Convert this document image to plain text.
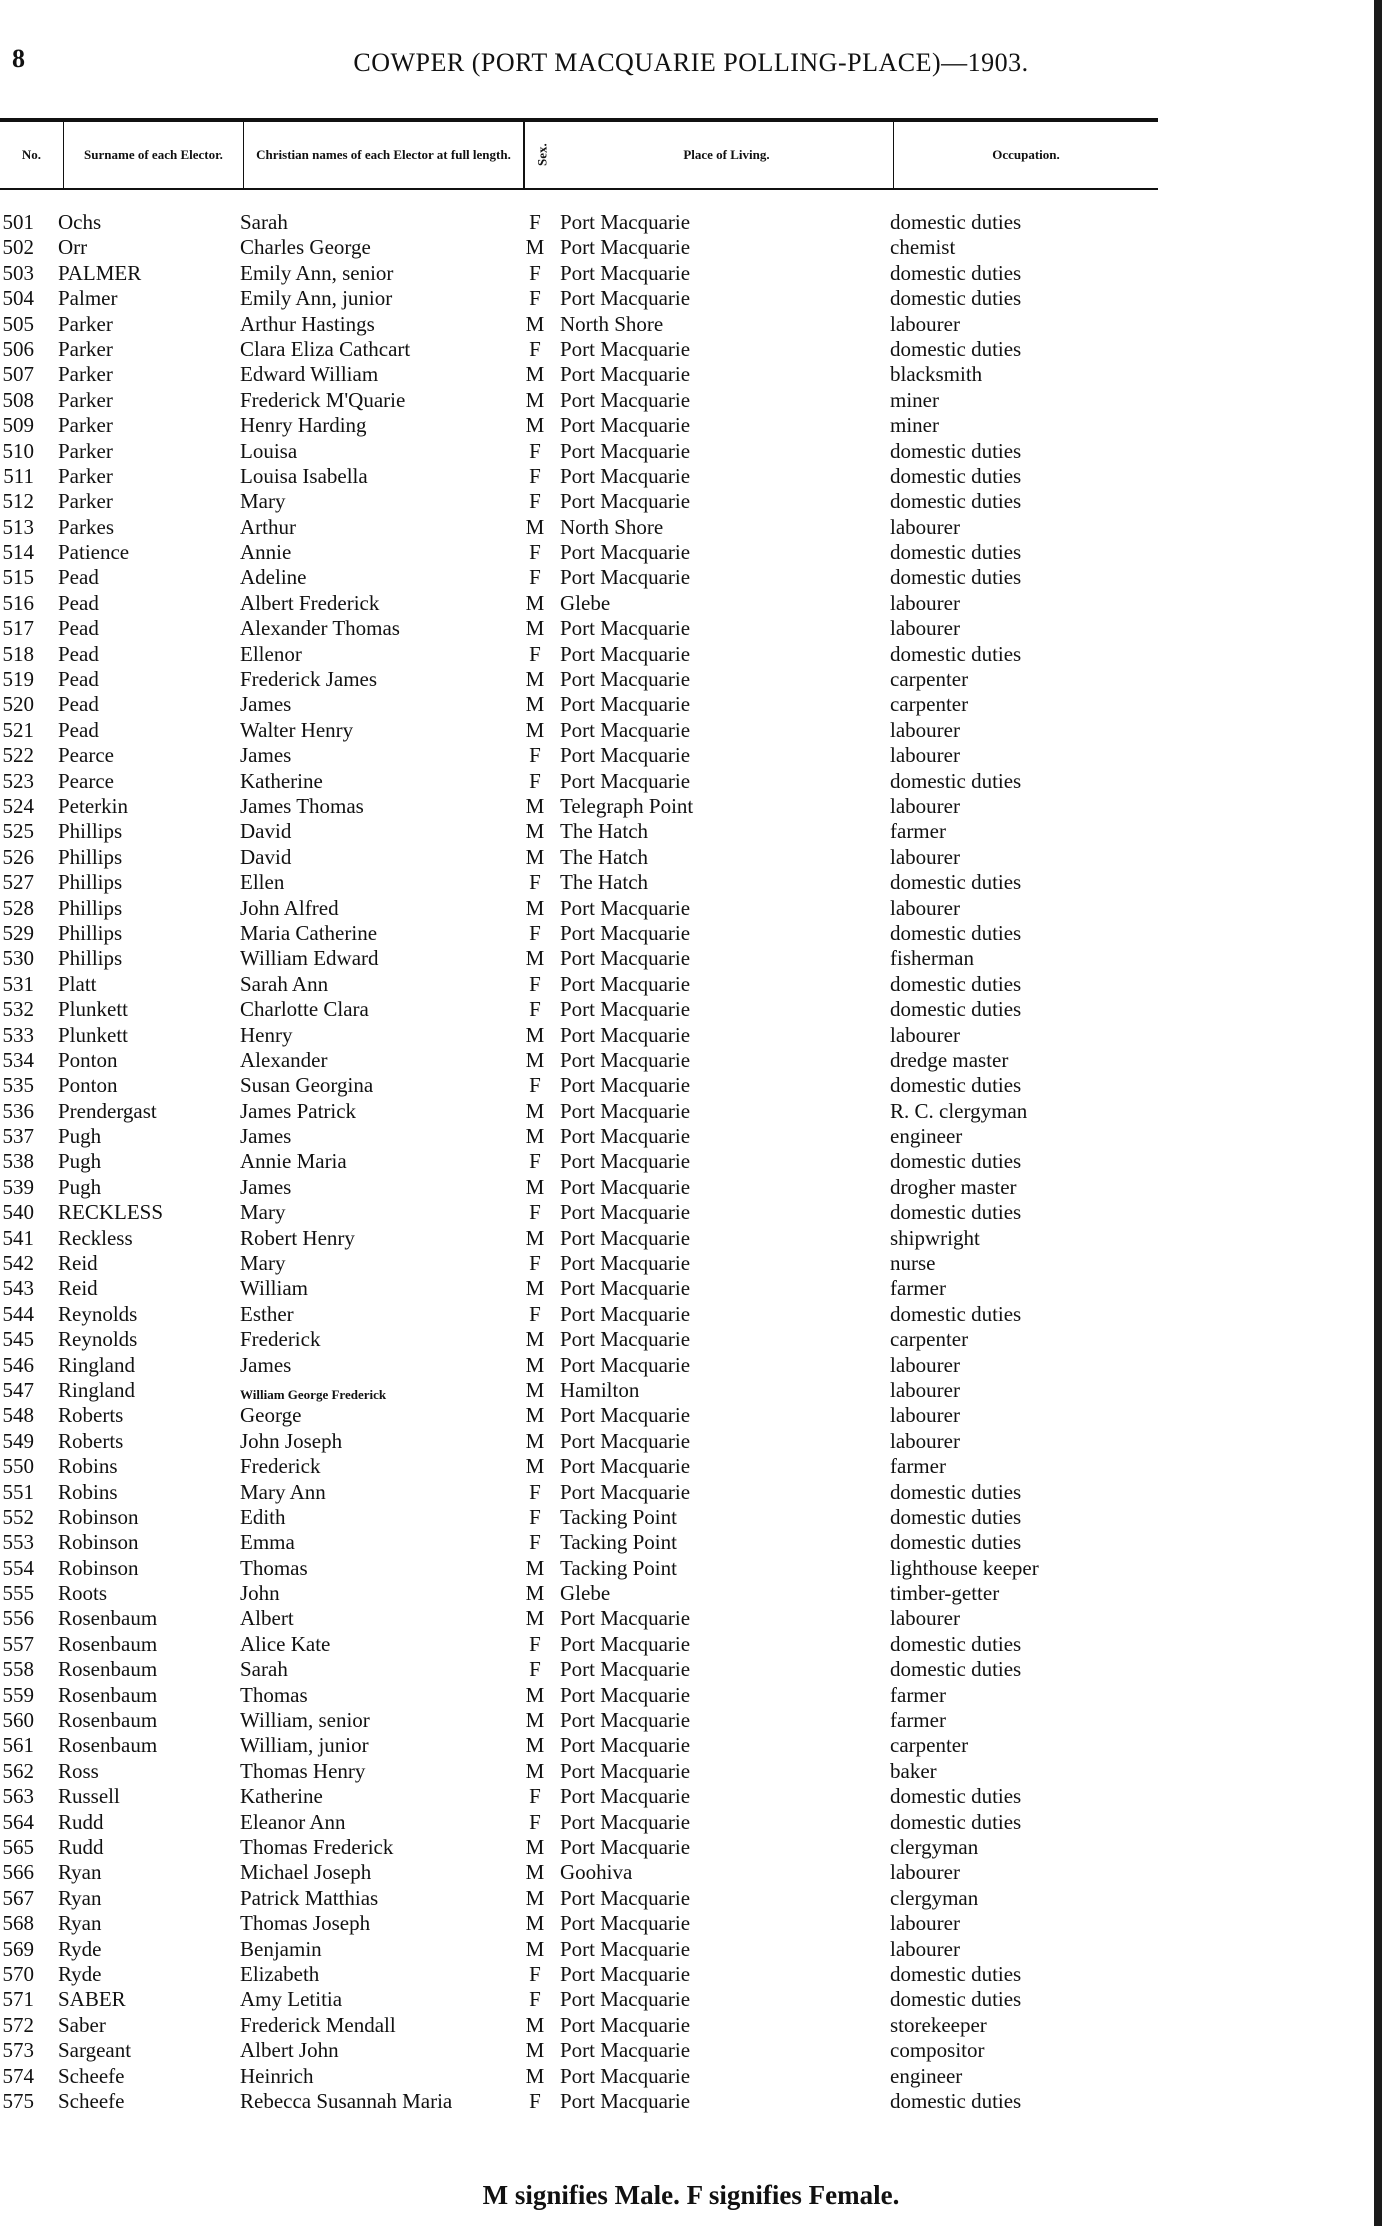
8	COWPER (PORT MACQUARIE POLLING-PLACE)—1903.
No.	Surname of each Elector.	Christian names of each Elector at full length.	Sex.	Place of Living.	Occupation.
501 Ochs	Sarah	F Port Macquarie	domestic duties
502 Orr	Charles George	M Port Macquarie	chemist
503 PALMER	Emily Ann, senior	F Port Macquarie	domestic duties
504 Palmer	Emily Ann, junior	F Port Macquarie	domestic duties
505 Parker	Arthur Hastings	M North Shore	labourer
506 Parker	Clara Eliza Cathcart	F Port Macquarie	domestic duties
507 Parker	Edward William	M Port Macquarie	blacksmith
508 Parker	Frederick M'Quarie	M Port Macquarie	miner
509 Parker	Henry Harding	M Port Macquarie	miner
510 Parker	Louisa	F Port Macquarie	domestic duties
511 Parker	Louisa Isabella	F Port Macquarie	domestic duties
512 Parker	Mary	F Port Macquarie	domestic duties
513 Parkes	Arthur	M North Shore	labourer
514 Patience	Annie	F Port Macquarie	domestic duties
515 Pead	Adeline	F Port Macquarie	domestic duties
516 Pead	Albert Frederick	M Glebe	labourer
517 Pead	Alexander Thomas	M Port Macquarie	labourer
518 Pead	Ellenor	F Port Macquarie	domestic duties
519 Pead	Frederick James	M Port Macquarie	carpenter
520 Pead	James	M Port Macquarie	carpenter
521 Pead	Walter Henry	M Port Macquarie	labourer
522 Pearce	James	F Port Macquarie	labourer
523 Pearce	Katherine	F Port Macquarie	domestic duties
524 Peterkin	James Thomas	M Telegraph Point	labourer
525 Phillips	David	M The Hatch	farmer
526 Phillips	David	M The Hatch	labourer
527 Phillips	Ellen	F The Hatch	domestic duties
528 Phillips	John Alfred	M Port Macquarie	labourer
529 Phillips	Maria Catherine	F Port Macquarie	domestic duties
530 Phillips	William Edward	M Port Macquarie	fisherman
531 Platt	Sarah Ann	F Port Macquarie	domestic duties
532 Plunkett	Charlotte Clara	F Port Macquarie	domestic duties
533 Plunkett	Henry	M Port Macquarie	labourer
534 Ponton	Alexander	M Port Macquarie	dredge master
535 Ponton	Susan Georgina	F Port Macquarie	domestic duties
536 Prendergast	James Patrick	M Port Macquarie	R. C. clergyman
537 Pugh	James	M Port Macquarie	engineer
538 Pugh	Annie Maria	F Port Macquarie	domestic duties
539 Pugh	James	M Port Macquarie	drogher master
540 RECKLESS	Mary	F Port Macquarie	domestic duties
541 Reckless	Robert Henry	M Port Macquarie	shipwright
542 Reid	Mary	F Port Macquarie	nurse
543 Reid	William	M Port Macquarie	farmer
544 Reynolds	Esther	F Port Macquarie	domestic duties
545 Reynolds	Frederick	M Port Macquarie	carpenter
546 Ringland	James	M Port Macquarie	labourer
547 Ringland	William George Frederick	M Hamilton	labourer
548 Roberts	George	M Port Macquarie	labourer
549 Roberts	John Joseph	M Port Macquarie	labourer
550 Robins	Frederick	M Port Macquarie	farmer
551 Robins	Mary Ann	F Port Macquarie	domestic duties
552 Robinson	Edith	F Tacking Point	domestic duties
553 Robinson	Emma	F Tacking Point	domestic duties
554 Robinson	Thomas	M Tacking Point	lighthouse keeper
555 Roots	John	M Glebe	timber-getter
556 Rosenbaum	Albert	M Port Macquarie	labourer
557 Rosenbaum	Alice Kate	F Port Macquarie	domestic duties
558 Rosenbaum	Sarah	F Port Macquarie	domestic duties
559 Rosenbaum	Thomas	M Port Macquarie	farmer
560 Rosenbaum	William, senior	M Port Macquarie	farmer
561 Rosenbaum	William, junior	M Port Macquarie	carpenter
562 Ross	Thomas Henry	M Port Macquarie	baker
563 Russell	Katherine	F Port Macquarie	domestic duties
564 Rudd	Eleanor Ann	F Port Macquarie	domestic duties
565 Rudd	Thomas Frederick	M Port Macquarie	clergyman
566 Ryan	Michael Joseph	M Goohiva	labourer
567 Ryan	Patrick Matthias	M Port Macquarie	clergyman
568 Ryan	Thomas Joseph	M Port Macquarie	labourer
569 Ryde	Benjamin	M Port Macquarie	labourer
570 Ryde	Elizabeth	F Port Macquarie	domestic duties
571 SABER	Amy Letitia	F Port Macquarie	domestic duties
572 Saber	Frederick Mendall	M Port Macquarie	storekeeper
573 Sargeant	Albert John	M Port Macquarie	compositor
574 Scheefe	Heinrich	M Port Macquarie	engineer
575 Scheefe	Rebecca Susannah Maria	F Port Macquarie	domestic duties
M signifies Male. F signifies Female.
